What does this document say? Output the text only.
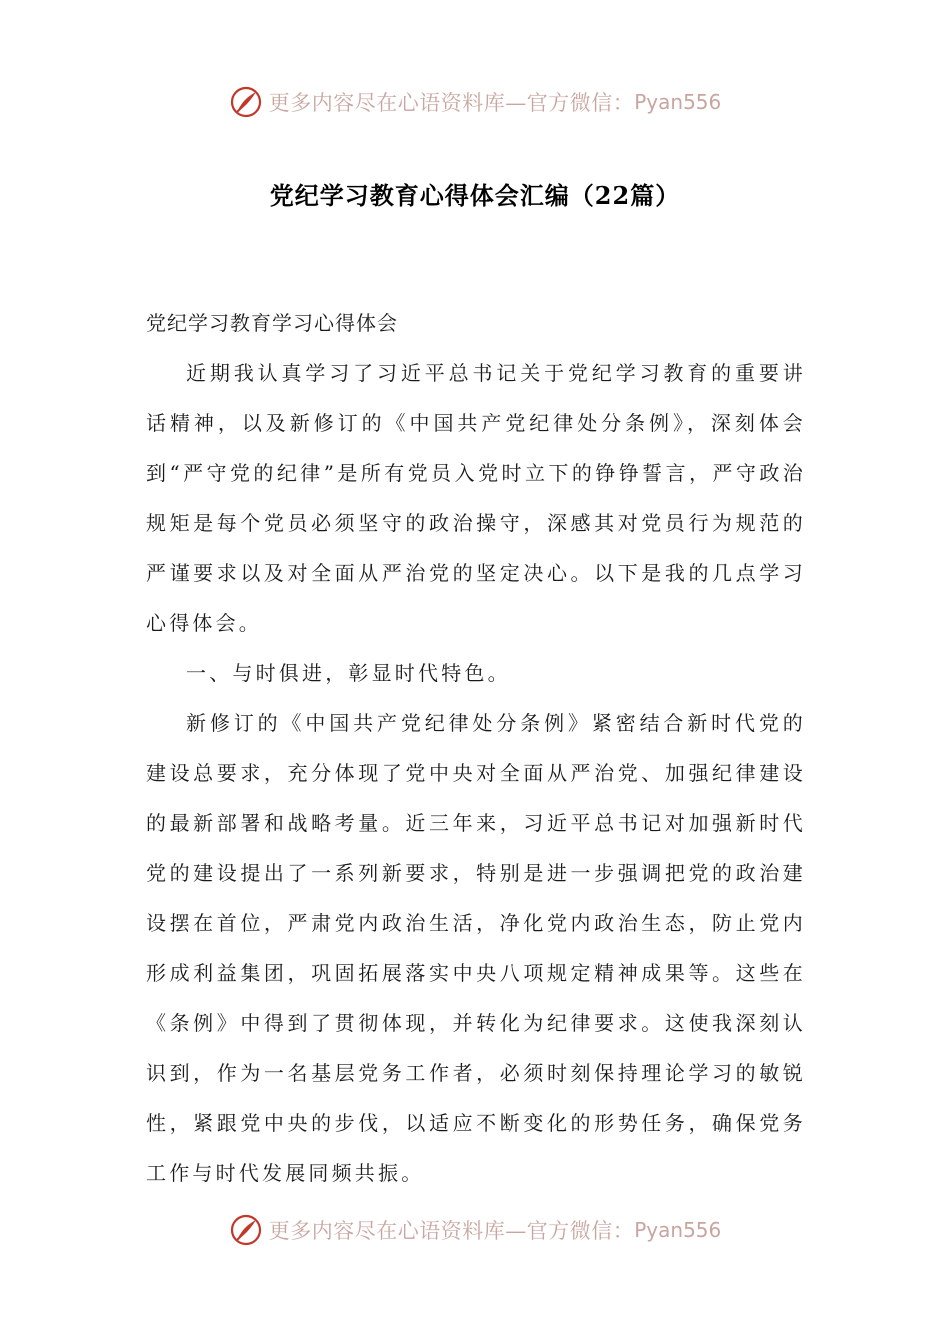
更多内容尽在心语资料库—官方微信： Pyan556
党纪学习教育心得体会汇编（22篇）

党纪学习教育学习心得体会

近期我认真学习了习近平总书记关于党纪学习教育的重要讲话精神，以及新修订的《中国共产党纪律处分条例》，深刻体会到“严守党的纪律”是所有党员入党时立下的铮铮誓言，严守政治规矩是每个党员必须坚守的政治操守，深感其对党员行为规范的严谨要求以及对全面从严治党的坚定决心。以下是我的几点学习心得体会。

一、与时俱进，彰显时代特色。

新修订的《中国共产党纪律处分条例》紧密结合新时代党的建设总要求，充分体现了党中央对全面从严治党、加强纪律建设的最新部署和战略考量。近三年来，习近平总书记对加强新时代党的建设提出了一系列新要求，特别是进一步强调把党的政治建设摆在首位，严肃党内政治生活，净化党内政治生态，防止党内形成利益集团，巩固拓展落实中央八项规定精神成果等。这些在《条例》中得到了贯彻体现，并转化为纪律要求。这使我深刻认识到，作为一名基层党务工作者，必须时刻保持理论学习的敏锐性，紧跟党中央的步伐，以适应不断变化的形势任务，确保党务工作与时代发展同频共振。

更多内容尽在心语资料库—官方微信： Pyan556
